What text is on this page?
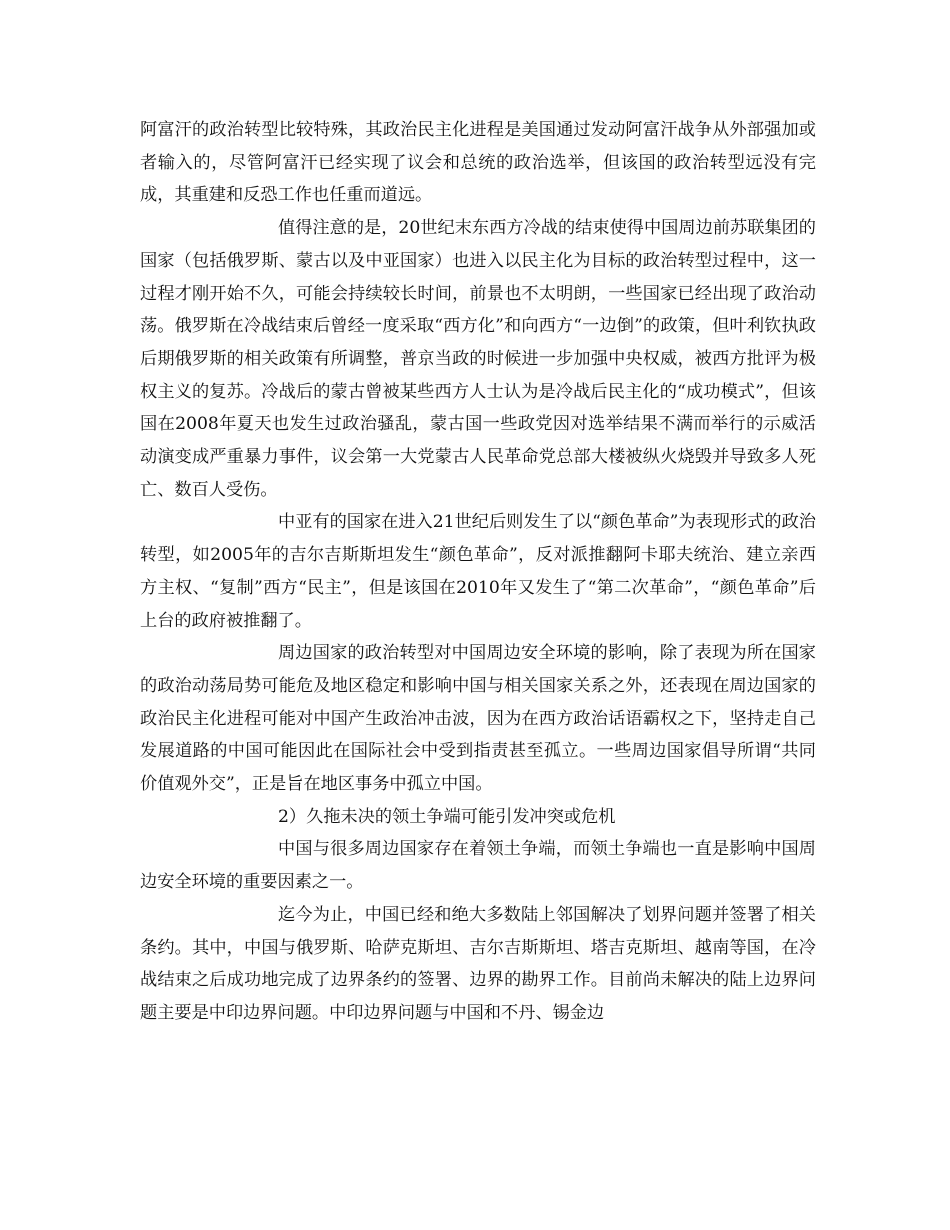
阿富汗的政治转型比较特殊，其政治民主化进程是美国通过发动阿富汗战争从外部强加或者输入的，尽管阿富汗已经实现了议会和总统的政治选举，但该国的政治转型远没有完成，其重建和反恐工作也任重而道远。

值得注意的是，20世纪末东西方冷战的结束使得中国周边前苏联集团的国家（包括俄罗斯、蒙古以及中亚国家）也进入以民主化为目标的政治转型过程中，这一过程才刚开始不久，可能会持续较长时间，前景也不太明朗，一些国家已经出现了政治动荡。俄罗斯在冷战结束后曾经一度采取“西方化”和向西方“一边倒”的政策，但叶利钦执政后期俄罗斯的相关政策有所调整，普京当政的时候进一步加强中央权威，被西方批评为极权主义的复苏。冷战后的蒙古曾被某些西方人士认为是冷战后民主化的“成功模式”，但该国在2008年夏天也发生过政治骚乱，蒙古国一些政党因对选举结果不满而举行的示威活动演变成严重暴力事件，议会第一大党蒙古人民革命党总部大楼被纵火烧毁并导致多人死亡、数百人受伤。

中亚有的国家在进入21世纪后则发生了以“颜色革命”为表现形式的政治转型，如2005年的吉尔吉斯斯坦发生“颜色革命”，反对派推翻阿卡耶夫统治、建立亲西方主权、“复制”西方“民主”，但是该国在2010年又发生了“第二次革命”，“颜色革命”后上台的政府被推翻了。

周边国家的政治转型对中国周边安全环境的影响，除了表现为所在国家的政治动荡局势可能危及地区稳定和影响中国与相关国家关系之外，还表现在周边国家的政治民主化进程可能对中国产生政治冲击波，因为在西方政治话语霸权之下，坚持走自己发展道路的中国可能因此在国际社会中受到指责甚至孤立。一些周边国家倡导所谓“共同价值观外交”，正是旨在地区事务中孤立中国。

2）久拖未决的领土争端可能引发冲突或危机

中国与很多周边国家存在着领土争端，而领土争端也一直是影响中国周边安全环境的重要因素之一。

迄今为止，中国已经和绝大多数陆上邻国解决了划界问题并签署了相关条约。其中，中国与俄罗斯、哈萨克斯坦、吉尔吉斯斯坦、塔吉克斯坦、越南等国，在冷战结束之后成功地完成了边界条约的签署、边界的勘界工作。目前尚未解决的陆上边界问题主要是中印边界问题。中印边界问题与中国和不丹、锡金边
